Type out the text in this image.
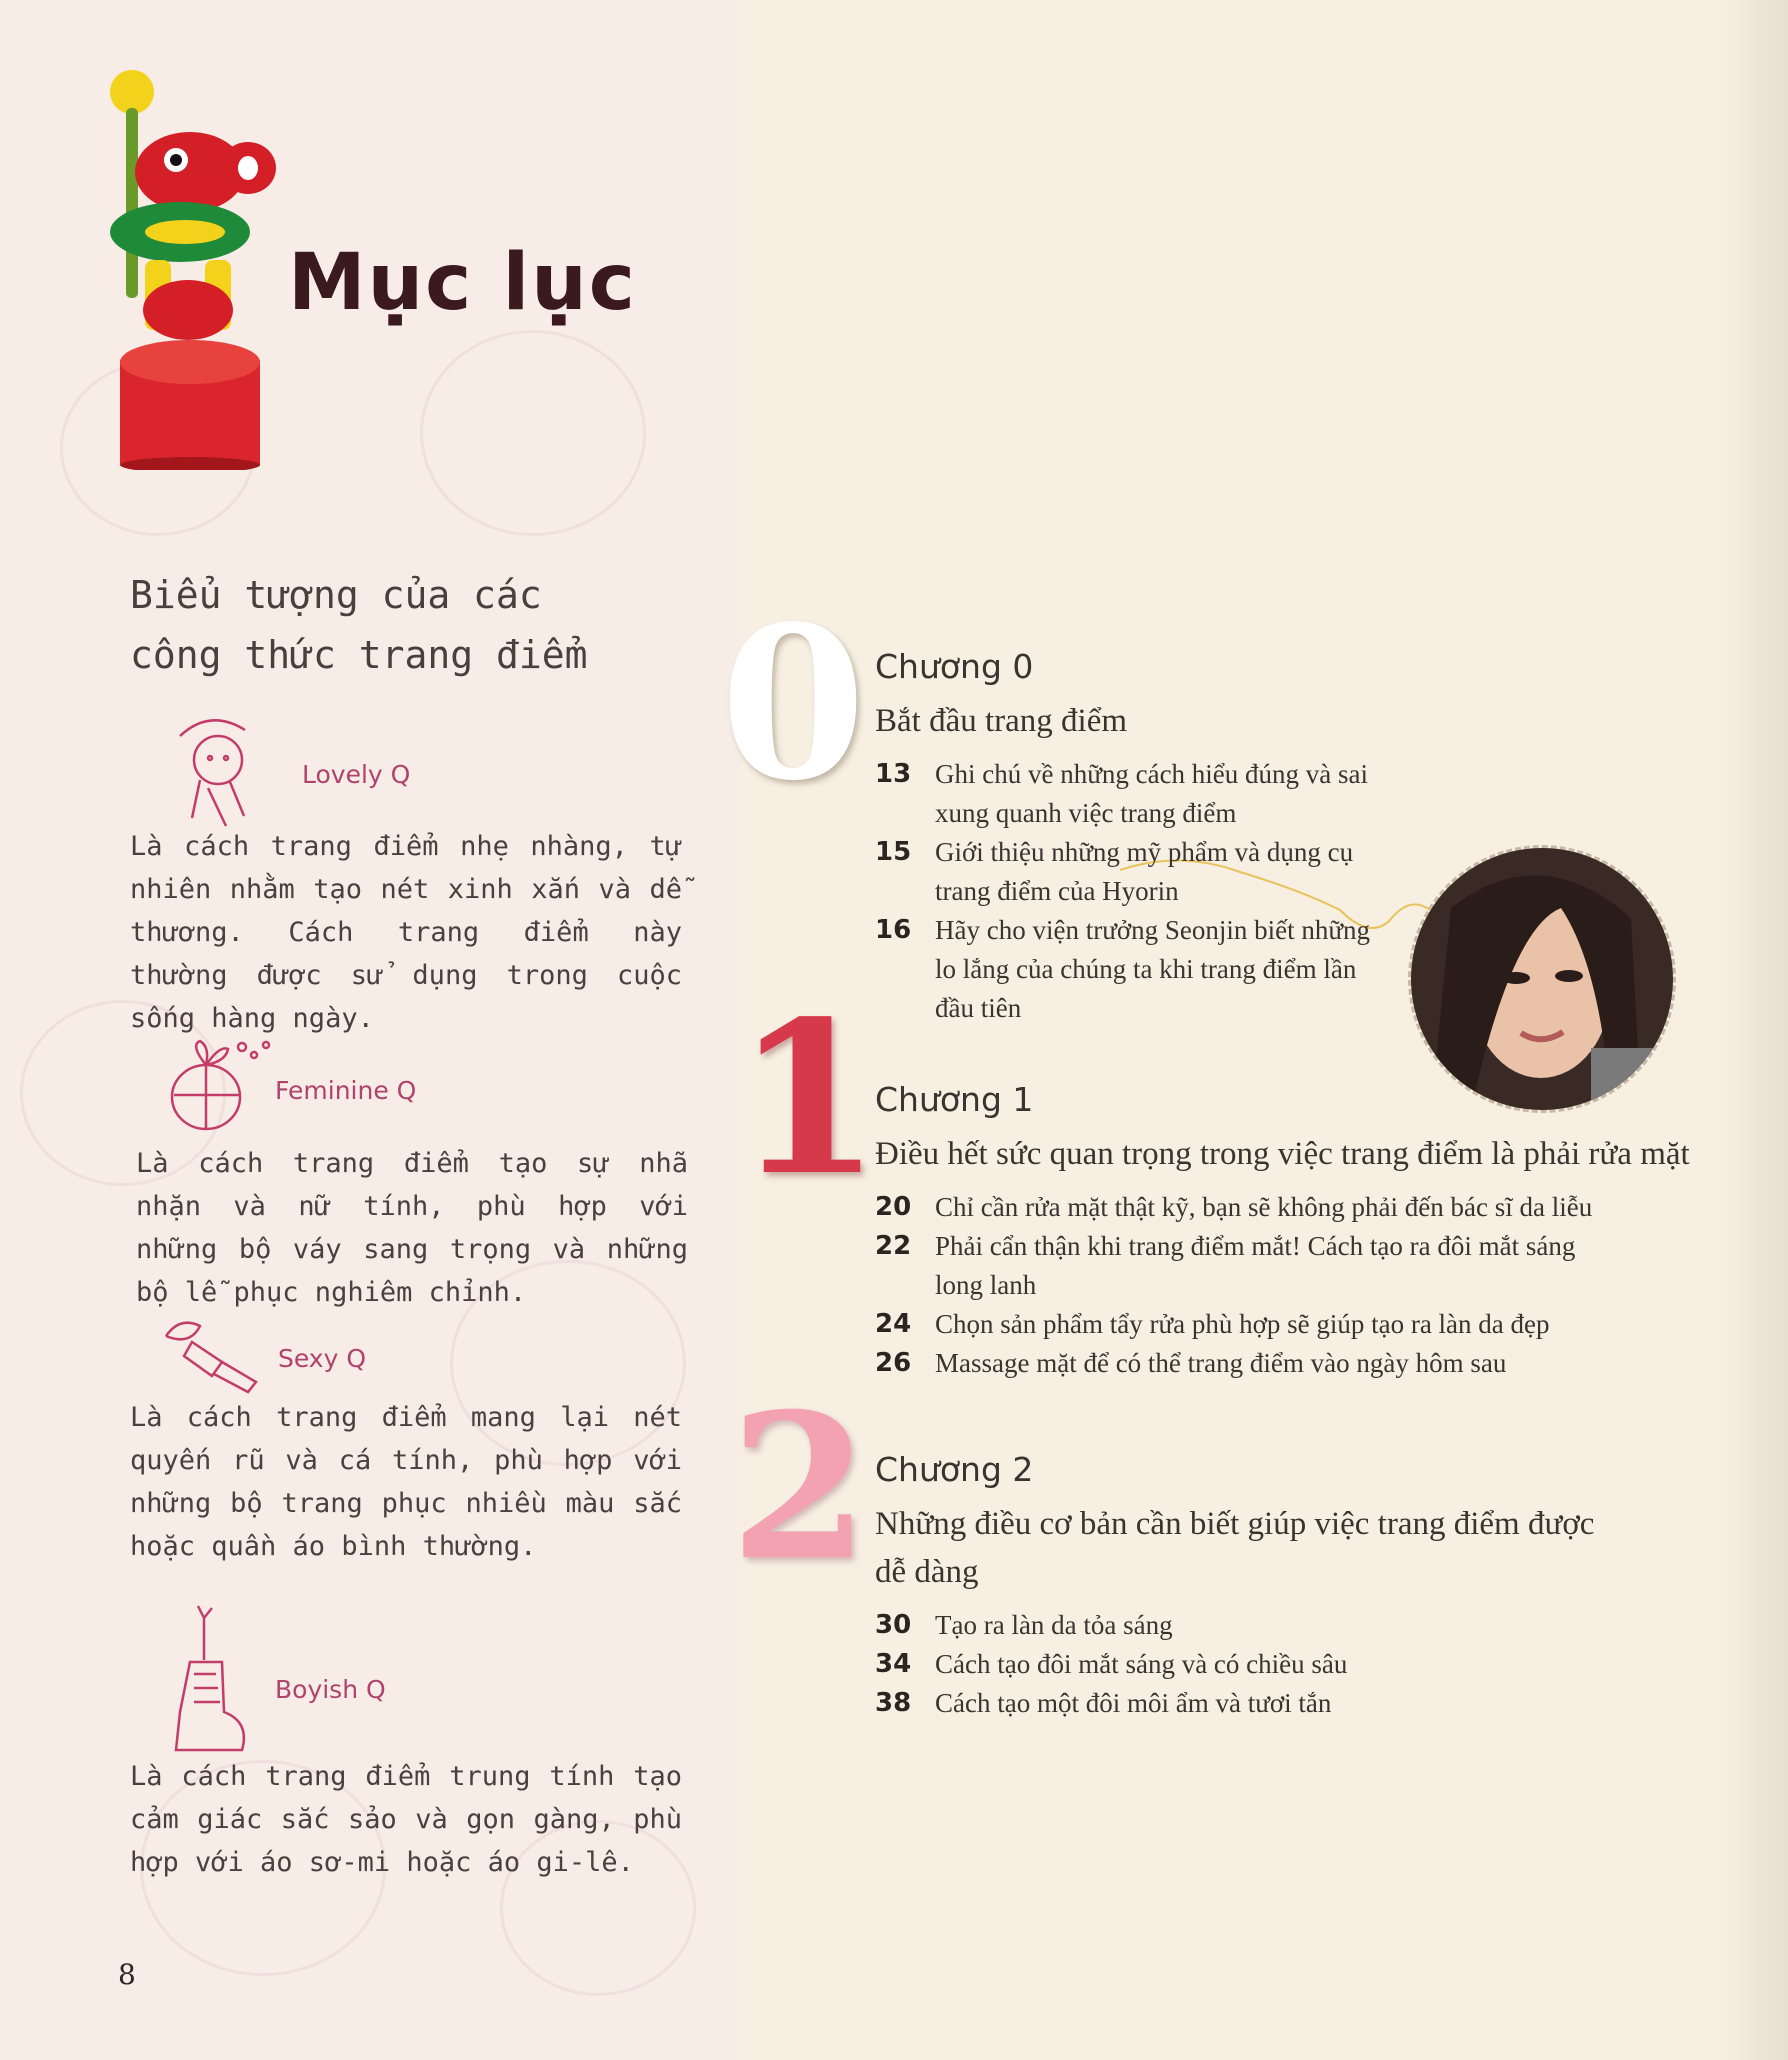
Mục lục
Biểu tượng của các
công thức trang điểm
Lovely Q
Là cách trang điểm nhẹ nhàng, tự nhiên nhằm tạo nét xinh xắn và dễ thương. Cách trang điểm này thường được sử dụng trong cuộc sống hàng ngày.
Feminine Q
Là cách trang điểm tạo sự nhã nhặn và nữ tính, phù hợp với những bộ váy sang trọng và những bộ lễ phục nghiêm chỉnh.
Sexy Q
Là cách trang điểm mang lại nét quyến rũ và cá tính, phù hợp với những bộ trang phục nhiều màu sắc hoặc quần áo bình thường.
Boyish Q
Là cách trang điểm trung tính tạo cảm giác sắc sảo và gọn gàng, phù hợp với áo sơ-mi hoặc áo gi-lê.
0
1
2
Chương 0
Bắt đầu trang điểm
13 Ghi chú về những cách hiểu đúng và sai xung quanh việc trang điểm
15 Giới thiệu những mỹ phẩm và dụng cụ trang điểm của Hyorin
16 Hãy cho viện trưởng Seonjin biết những lo lắng của chúng ta khi trang điểm lần đầu tiên
Chương 1
Điều hết sức quan trọng trong việc trang điểm là phải rửa mặt
20 Chỉ cần rửa mặt thật kỹ, bạn sẽ không phải đến bác sĩ da liễu
22 Phải cẩn thận khi trang điểm mắt! Cách tạo ra đôi mắt sáng long lanh
24 Chọn sản phẩm tẩy rửa phù hợp sẽ giúp tạo ra làn da đẹp
26 Massage mặt để có thể trang điểm vào ngày hôm sau
Chương 2
Những điều cơ bản cần biết giúp việc trang điểm được dễ dàng
30 Tạo ra làn da tỏa sáng
34 Cách tạo đôi mắt sáng và có chiều sâu
38 Cách tạo một đôi môi ẩm và tươi tắn
8
